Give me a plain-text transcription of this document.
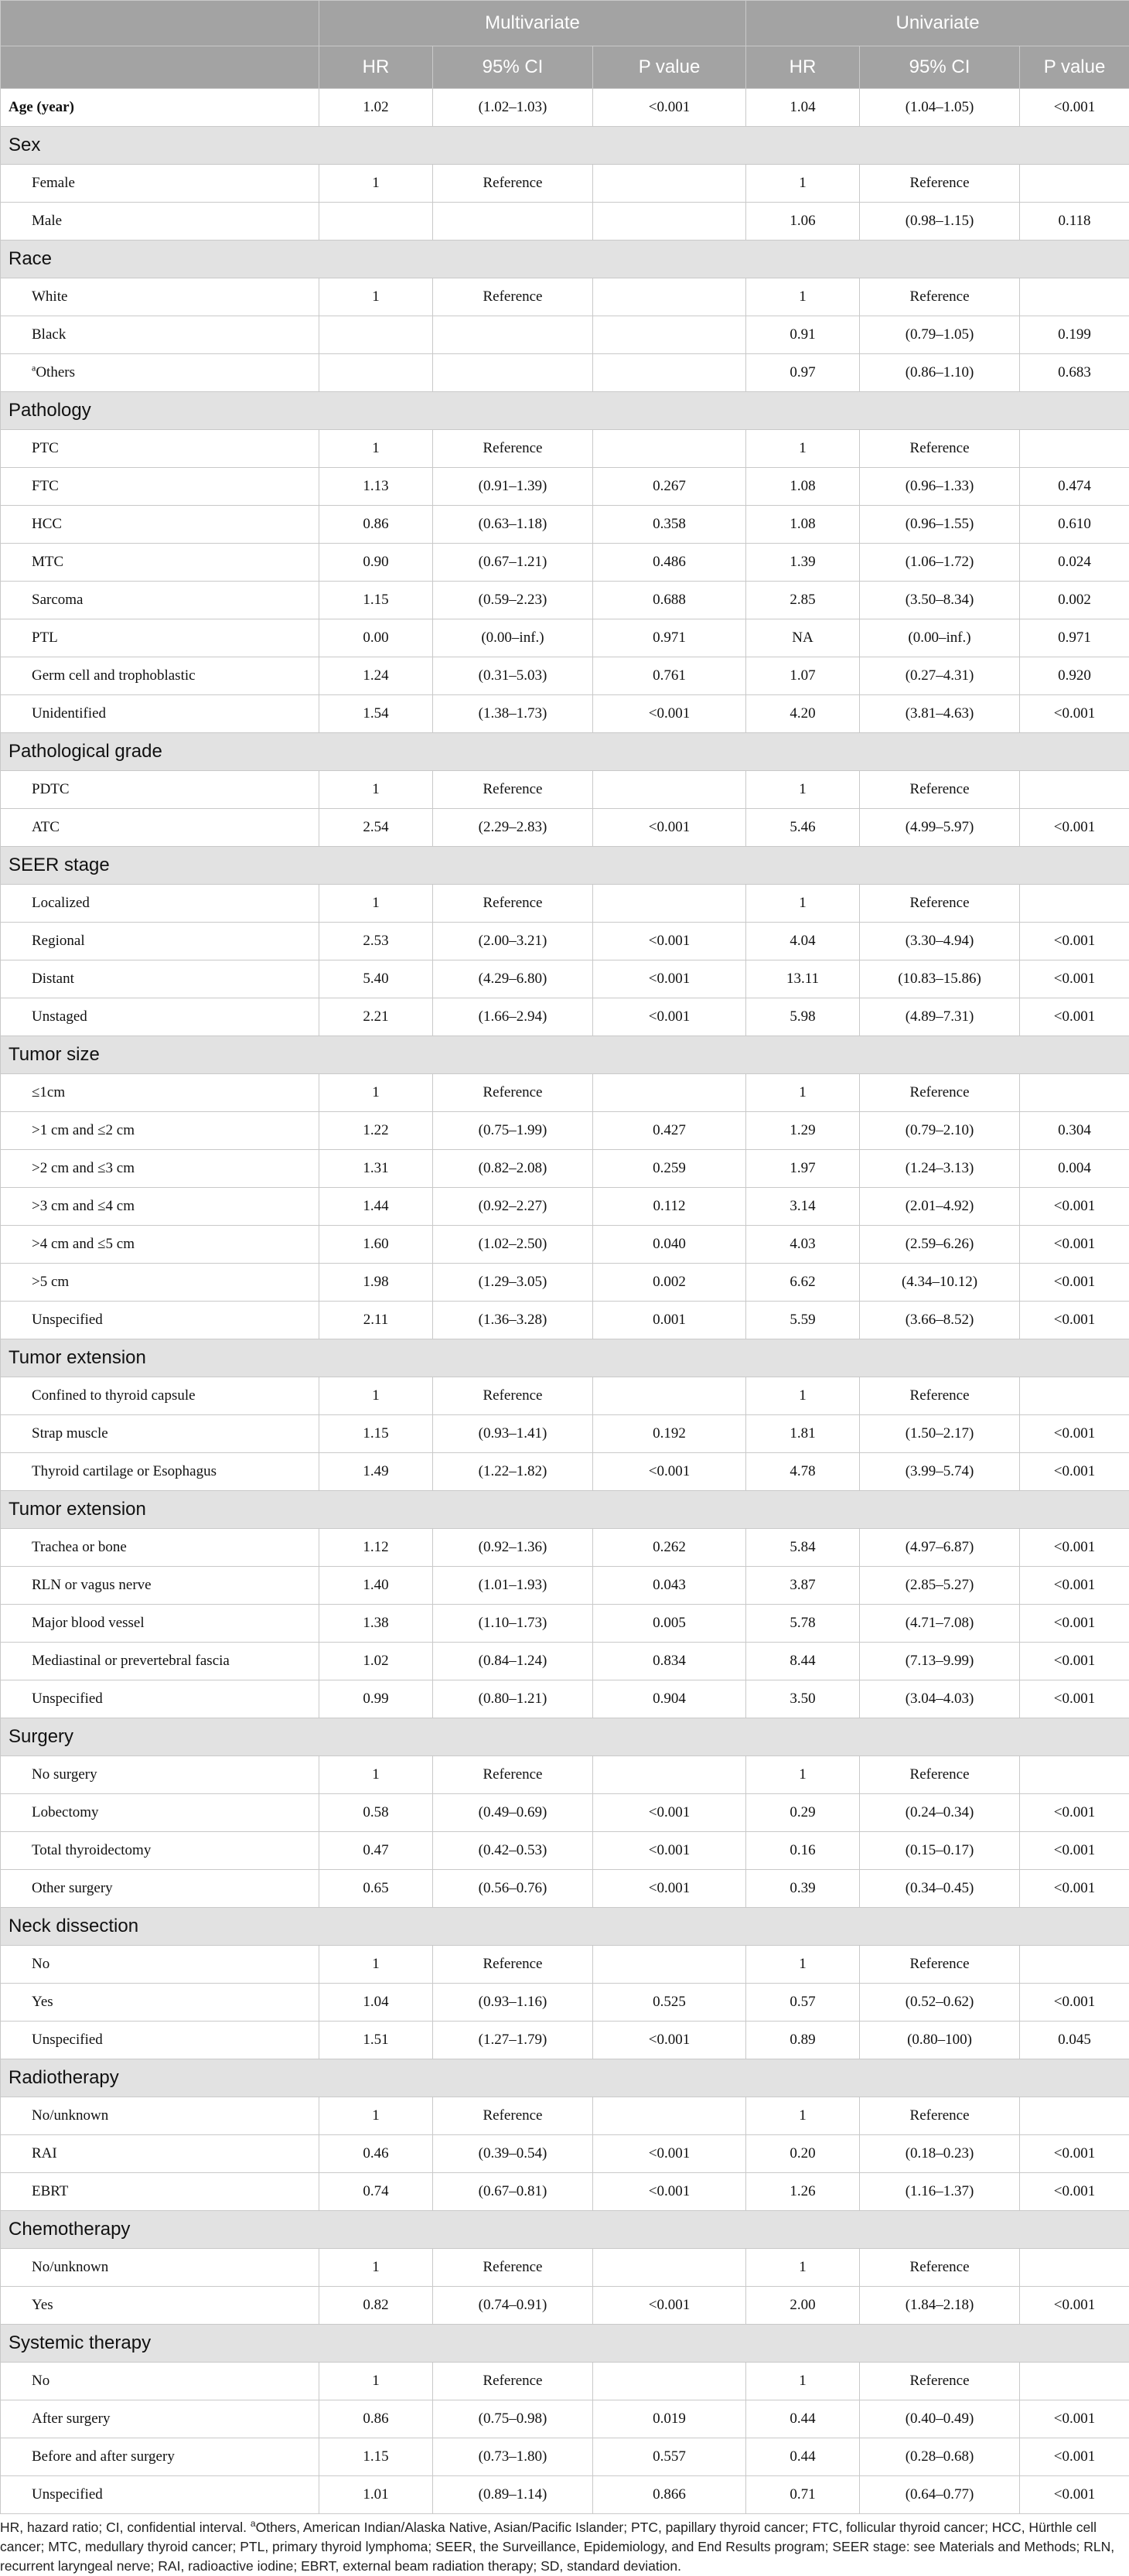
	Multivariate			Univariate		
	HR	95% CI	P value	HR	95% CI	P value
Age (year)	1.02	(1.02–1.03)	<0.001	1.04	(1.04–1.05)	<0.001
Sex						
Female	1	Reference		1	Reference	
Male				1.06	(0.98–1.15)	0.118
Race						
White	1	Reference		1	Reference	
Black				0.91	(0.79–1.05)	0.199
$^a$Others				0.97	(0.86–1.10)	0.683
Pathology						
PTC	1	Reference		1	Reference	
FTC	1.13	(0.91–1.39)	0.267	1.08	(0.96–1.33)	0.474
HCC	0.86	(0.63–1.18)	0.358	1.08	(0.96–1.55)	0.610
MTC	0.90	(0.67–1.21)	0.486	1.39	(1.06–1.72)	0.024
Sarcoma	1.15	(0.59–2.23)	0.688	2.85	(3.50–8.34)	0.002
PTL	0.00	(0.00–inf.)	0.971	NA	(0.00–inf.)	0.971
Germ cell and trophoblastic	1.24	(0.31–5.03)	0.761	1.07	(0.27–4.31)	0.920
Unidentified	1.54	(1.38–1.73)	<0.001	4.20	(3.81–4.63)	<0.001
Pathological grade						
PDTC	1	Reference		1	Reference	
ATC	2.54	(2.29–2.83)	<0.001	5.46	(4.99–5.97)	<0.001
SEER stage						
Localized	1	Reference		1	Reference	
Regional	2.53	(2.00–3.21)	<0.001	4.04	(3.30–4.94)	<0.001
Distant	5.40	(4.29–6.80)	<0.001	13.11	(10.83–15.86)	<0.001
Unstaged	2.21	(1.66–2.94)	<0.001	5.98	(4.89–7.31)	<0.001
Tumor size						
≤1cm	1	Reference		1	Reference	
>1 cm and ≤2 cm	1.22	(0.75–1.99)	0.427	1.29	(0.79–2.10)	0.304
>2 cm and ≤3 cm	1.31	(0.82–2.08)	0.259	1.97	(1.24–3.13)	0.004
>3 cm and ≤4 cm	1.44	(0.92–2.27)	0.112	3.14	(2.01–4.92)	<0.001
>4 cm and ≤5 cm	1.60	(1.02–2.50)	0.040	4.03	(2.59–6.26)	<0.001
>5 cm	1.98	(1.29–3.05)	0.002	6.62	(4.34–10.12)	<0.001
Unspecified	2.11	(1.36–3.28)	0.001	5.59	(3.66–8.52)	<0.001
Tumor extension						
Confined to thyroid capsule	1	Reference		1	Reference	
Strap muscle	1.15	(0.93–1.41)	0.192	1.81	(1.50–2.17)	<0.001
Thyroid cartilage or Esophagus	1.49	(1.22–1.82)	<0.001	4.78	(3.99–5.74)	<0.001
Tumor extension						
Trachea or bone	1.12	(0.92–1.36)	0.262	5.84	(4.97–6.87)	<0.001
RLN or vagus nerve	1.40	(1.01–1.93)	0.043	3.87	(2.85–5.27)	<0.001
Major blood vessel	1.38	(1.10–1.73)	0.005	5.78	(4.71–7.08)	<0.001
Mediastinal or prevertebral fascia	1.02	(0.84–1.24)	0.834	8.44	(7.13–9.99)	<0.001
Unspecified	0.99	(0.80–1.21)	0.904	3.50	(3.04–4.03)	<0.001
Surgery						
No surgery	1	Reference		1	Reference	
Lobectomy	0.58	(0.49–0.69)	<0.001	0.29	(0.24–0.34)	<0.001
Total thyroidectomy	0.47	(0.42–0.53)	<0.001	0.16	(0.15–0.17)	<0.001
Other surgery	0.65	(0.56–0.76)	<0.001	0.39	(0.34–0.45)	<0.001
Neck dissection						
No	1	Reference		1	Reference	
Yes	1.04	(0.93–1.16)	0.525	0.57	(0.52–0.62)	<0.001
Unspecified	1.51	(1.27–1.79)	<0.001	0.89	(0.80–100)	0.045
Radiotherapy						
No/unknown	1	Reference		1	Reference	
RAI	0.46	(0.39–0.54)	<0.001	0.20	(0.18–0.23)	<0.001
EBRT	0.74	(0.67–0.81)	<0.001	1.26	(1.16–1.37)	<0.001
Chemotherapy						
No/unknown	1	Reference		1	Reference	
Yes	0.82	(0.74–0.91)	<0.001	2.00	(1.84–2.18)	<0.001
Systemic therapy						
No	1	Reference		1	Reference	
After surgery	0.86	(0.75–0.98)	0.019	0.44	(0.40–0.49)	<0.001
Before and after surgery	1.15	(0.73–1.80)	0.557	0.44	(0.28–0.68)	<0.001
Unspecified	1.01	(0.89–1.14)	0.866	0.71	(0.64–0.77)	<0.001
HR, hazard ratio; CI, confidential interval. $^a$Others, American Indian/Alaska Native, Asian/Pacific Islander; PTC, papillary thyroid cancer; FTC, follicular thyroid cancer; HCC, Hürthle cell cancer; MTC, medullary thyroid cancer; PTL, primary thyroid lymphoma; SEER, the Surveillance, Epidemiology, and End Results program; SEER stage: see Materials and Methods; RLN, recurrent laryngeal nerve; RAI, radioactive iodine; EBRT, external beam radiation therapy; SD, standard deviation.
